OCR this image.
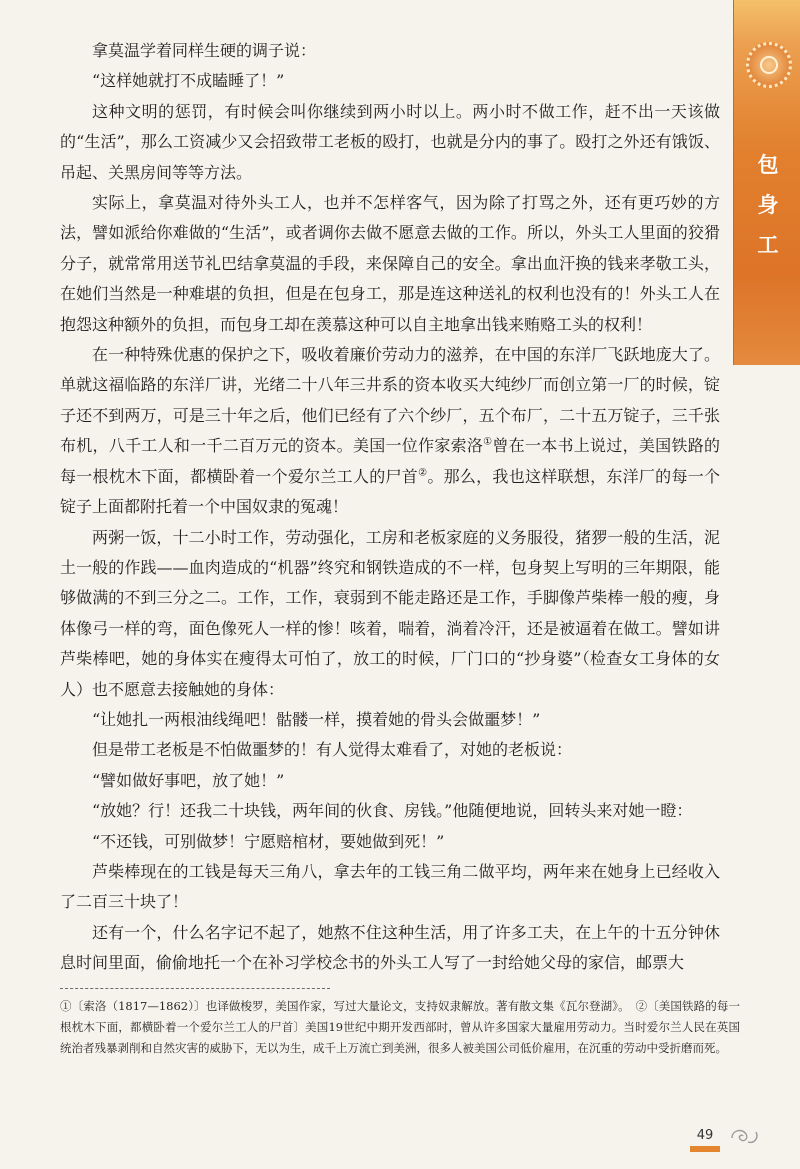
包
身
工

拿莫温学着同样生硬的调子说：

“这样她就打不成瞌睡了！”

这种文明的惩罚，有时候会叫你继续到两小时以上。两小时不做工作，赶不出一天该做的“生活”，那么工资减少又会招致带工老板的殴打，也就是分内的事了。殴打之外还有饿饭、吊起、关黑房间等等方法。

实际上，拿莫温对待外头工人，也并不怎样客气，因为除了打骂之外，还有更巧妙的方法，譬如派给你难做的“生活”，或者调你去做不愿意去做的工作。所以，外头工人里面的狡猾分子，就常常用送节礼巴结拿莫温的手段，来保障自己的安全。拿出血汗换的钱来孝敬工头，在她们当然是一种难堪的负担，但是在包身工，那是连这种送礼的权利也没有的！外头工人在抱怨这种额外的负担，而包身工却在羡慕这种可以自主地拿出钱来贿赂工头的权利！

在一种特殊优惠的保护之下，吸收着廉价劳动力的滋养，在中国的东洋厂飞跃地庞大了。单就这福临路的东洋厂讲，光绪二十八年三井系的资本收买大纯纱厂而创立第一厂的时候，锭子还不到两万，可是三十年之后，他们已经有了六个纱厂，五个布厂，二十五万锭子，三千张布机，八千工人和一千二百万元的资本。美国一位作家索洛①曾在一本书上说过，美国铁路的每一根枕木下面，都横卧着一个爱尔兰工人的尸首②。那么，我也这样联想，东洋厂的每一个锭子上面都附托着一个中国奴隶的冤魂！

两粥一饭，十二小时工作，劳动强化，工房和老板家庭的义务服役，猪猡一般的生活，泥土一般的作践——血肉造成的“机器”终究和钢铁造成的不一样，包身契上写明的三年期限，能够做满的不到三分之二。工作，工作，衰弱到不能走路还是工作，手脚像芦柴棒一般的瘦，身体像弓一样的弯，面色像死人一样的惨！咳着，喘着，淌着冷汗，还是被逼着在做工。譬如讲芦柴棒吧，她的身体实在瘦得太可怕了，放工的时候，厂门口的“抄身婆”（检查女工身体的女人）也不愿意去接触她的身体：

“让她扎一两根油线绳吧！骷髅一样，摸着她的骨头会做噩梦！”

但是带工老板是不怕做噩梦的！有人觉得太难看了，对她的老板说：

“譬如做好事吧，放了她！”

“放她？行！还我二十块钱，两年间的伙食、房钱。”他随便地说，回转头来对她一瞪：

“不还钱，可别做梦！宁愿赔棺材，要她做到死！”

芦柴棒现在的工钱是每天三角八，拿去年的工钱三角二做平均，两年来在她身上已经收入了二百三十块了！

还有一个，什么名字记不起了，她熬不住这种生活，用了许多工夫，在上午的十五分钟休息时间里面，偷偷地托一个在补习学校念书的外头工人写了一封给她父母的家信，邮票大

①〔索洛（1817—1862）〕也译做梭罗，美国作家，写过大量论文，支持奴隶解放。著有散文集《瓦尔登湖》。　②〔美国铁路的每一根枕木下面，都横卧着一个爱尔兰工人的尸首〕美国19世纪中期开发西部时，曾从许多国家大量雇用劳动力。当时爱尔兰人民在英国统治者残暴剥削和自然灾害的威胁下，无以为生，成千上万流亡到美洲，很多人被美国公司低价雇用，在沉重的劳动中受折磨而死。

49
